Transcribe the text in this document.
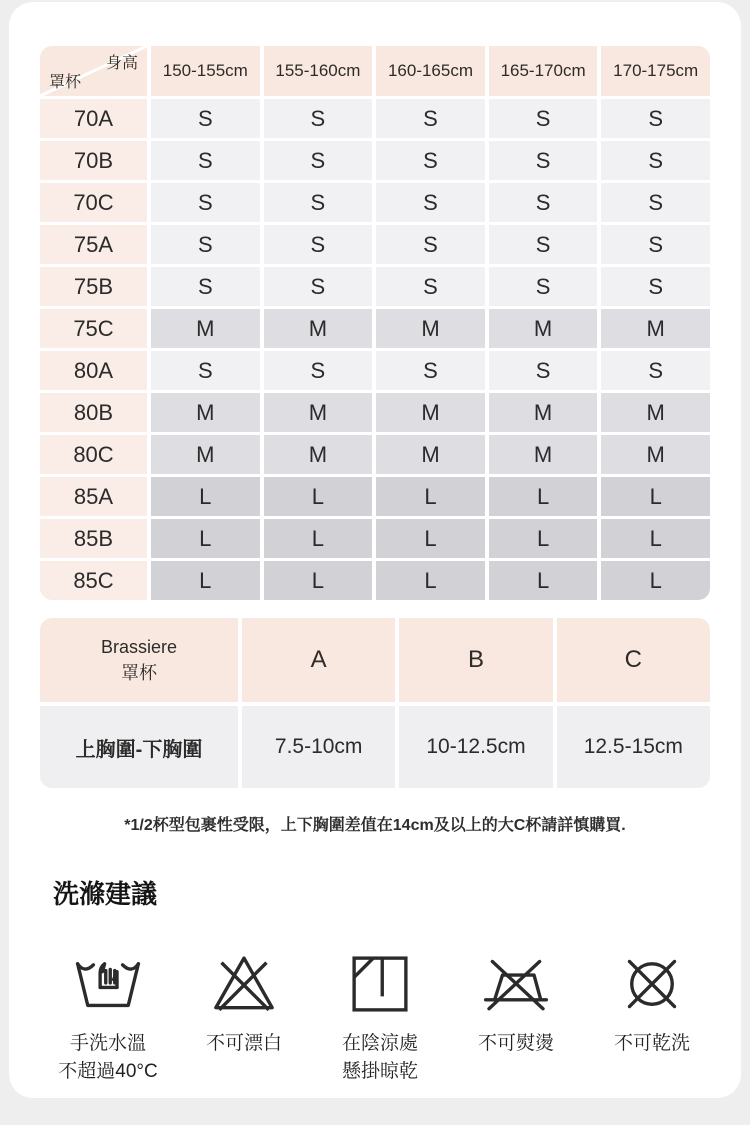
身高
罩杯
150-155cm	155-160cm	160-165cm	165-170cm	170-175cm
70A	S	S	S	S	S
70B	S	S	S	S	S
70C	S	S	S	S	S
75A	S	S	S	S	S
75B	S	S	S	S	S
75C	M	M	M	M	M
80A	S	S	S	S	S
80B	M	M	M	M	M
80C	M	M	M	M	M
85A	L	L	L	L	L
85B	L	L	L	L	L
85C	L	L	L	L	L
Brassiere
罩杯	A	B	C
上胸圍-下胸圍	7.5-10cm	10-12.5cm	12.5-15cm
*1/2杯型包裹性受限，上下胸圍差值在14cm及以上的大C杯請詳慎購買.
洗滌建議
手洗水溫
不超過40°C
不可漂白	在陰涼處
懸掛晾乾
不可熨燙	不可乾洗
